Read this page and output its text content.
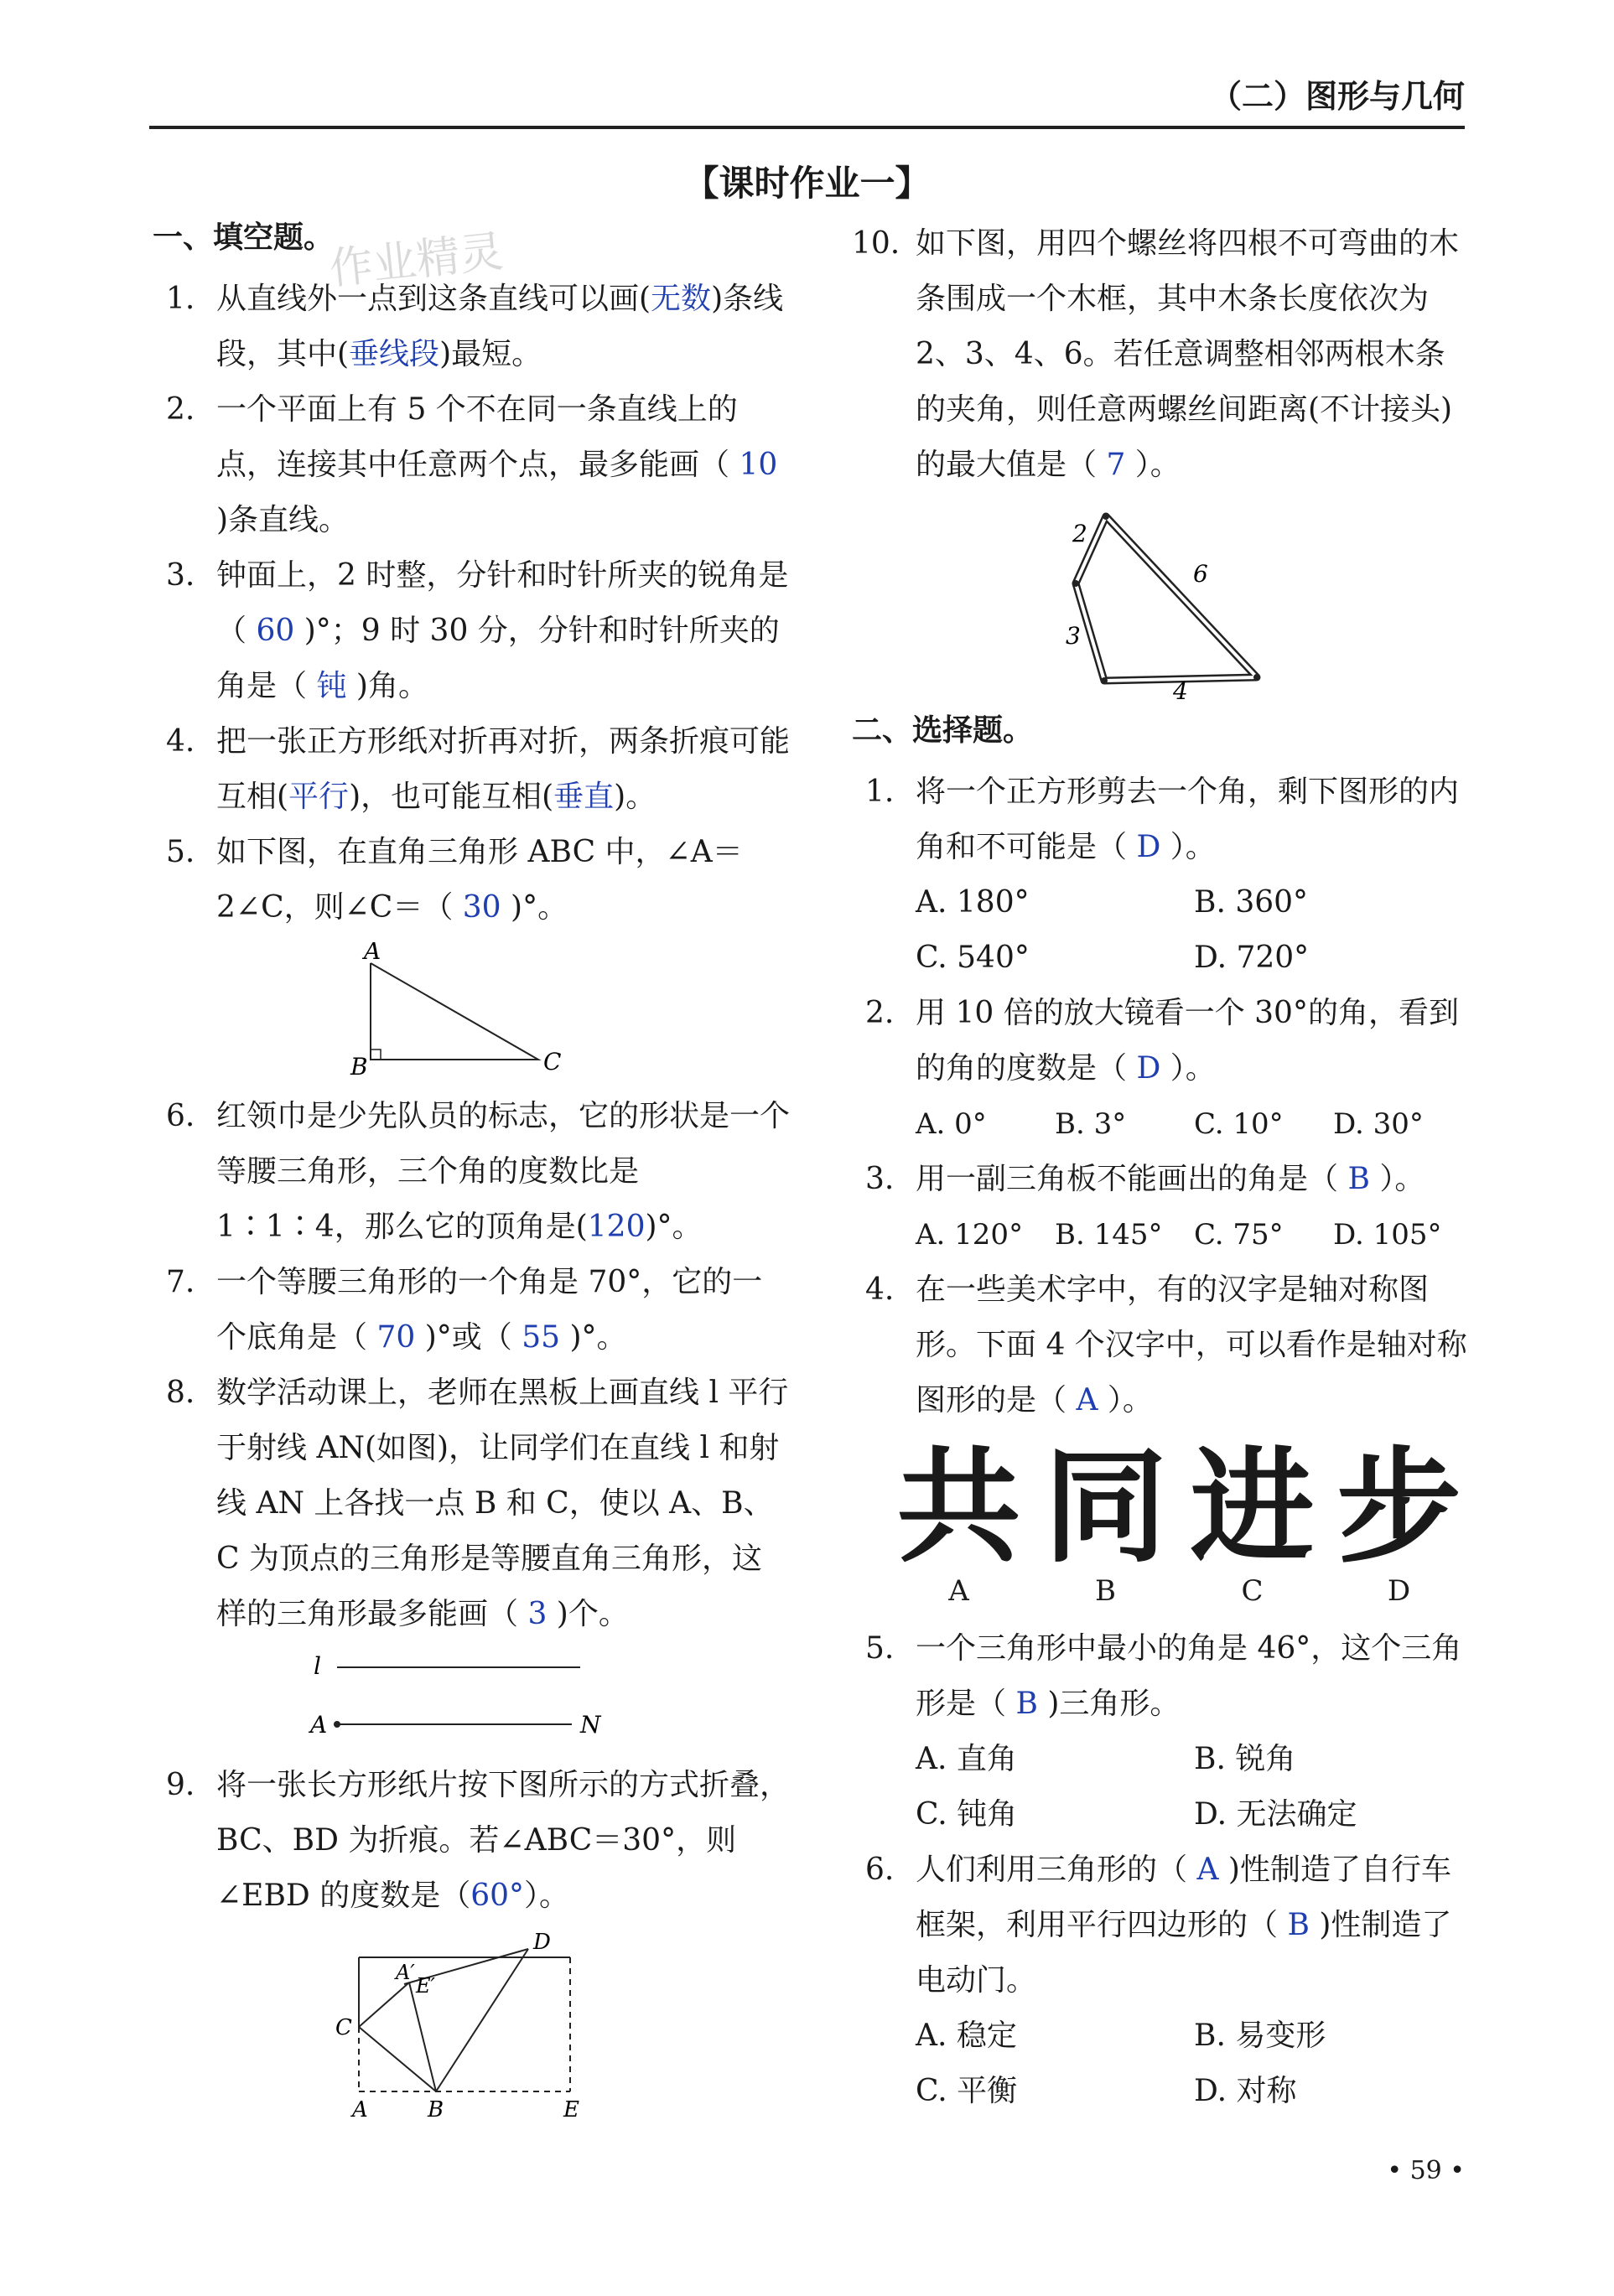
（二）图形与几何
【课时作业一】
作业精灵
一、填空题。

1. 从直线外一点到这条直线可以画(无数)条线段，其中(垂线段)最短。

2. 一个平面上有 5 个不在同一条直线上的点，连接其中任意两个点，最多能画（ 10 )条直线。

3. 钟面上，2 时整，分针和时针所夹的锐角是（ 60 )°；9 时 30 分，分针和时针所夹的角是（ 钝 )角。

4. 把一张正方形纸对折再对折，两条折痕可能互相(平行)，也可能互相(垂直)。

5. 如下图，在直角三角形 ABC 中，∠A＝2∠C，则∠C＝（ 30 )°。

A
B	C

6. 红领巾是少先队员的标志，它的形状是一个等腰三角形，三个角的度数比是 1∶1∶4，那么它的顶角是(120)°。

7. 一个等腰三角形的一个角是 70°，它的一个底角是（ 70 )°或（ 55 )°。

8. 数学活动课上，老师在黑板上画直线 l 平行于射线 AN(如图)，让同学们在直线 l 和射线 AN 上各找一点 B 和 C，使以 A、B、C 为顶点的三角形是等腰直角三角形，这样的三角形最多能画（ 3 )个。

l
A	N

9. 将一张长方形纸片按下图所示的方式折叠，BC、BD 为折痕。若∠ABC＝30°，则∠EBD 的度数是（60°）。

D
A′
E′
C
A	B	E

10. 如下图，用四个螺丝将四根不可弯曲的木条围成一个木框，其中木条长度依次为 2、3、4、6。若任意调整相邻两根木条的夹角，则任意两螺丝间距离(不计接头)的最大值是（ 7 ）。

2
6
3
4
二、选择题。

1. 将一个正方形剪去一个角，剩下图形的内角和不可能是（ D ）。

A. 180°	B. 360°
C. 540°	D. 720°

2. 用 10 倍的放大镜看一个 30°的角，看到的角的度数是（ D ）。

A. 0°	B. 3°	C. 10°	D. 30°

3. 用一副三角板不能画出的角是（ B ）。

A. 120°	B. 145°	C. 75°	D. 105°

4. 在一些美术字中，有的汉字是轴对称图形。下面 4 个汉字中，可以看作是轴对称图形的是（ A ）。

共 同 进 步
A	B	C	D

5. 一个三角形中最小的角是 46°，这个三角形是（ B )三角形。

A. 直角	B. 锐角
C. 钝角	D. 无法确定

6. 人们利用三角形的（ A )性制造了自行车框架，利用平行四边形的（ B )性制造了电动门。

A. 稳定	B. 易变形
C. 平衡	D. 对称
• 59 •
